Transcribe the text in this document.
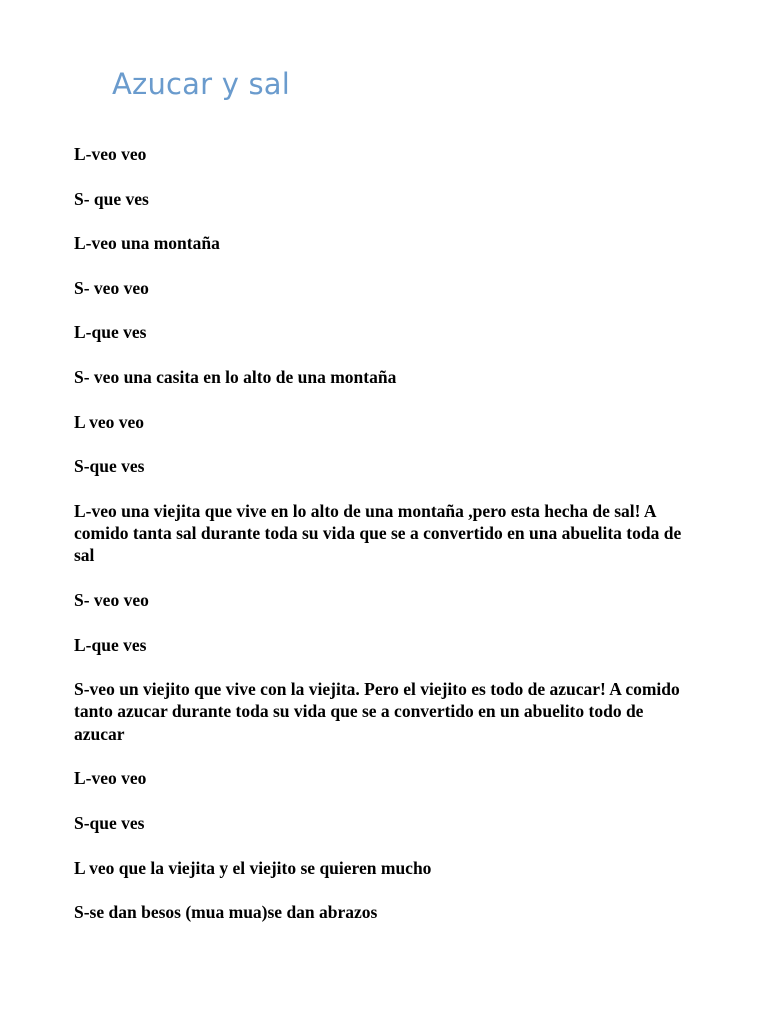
Azucar y sal

L-veo veo

S- que ves

L-veo una montaña

S- veo veo

L-que ves

S- veo una casita en lo alto de una montaña

L veo veo

S-que ves

L-veo una viejita que vive en lo alto de una montaña ,pero esta hecha de sal! A comido tanta sal durante toda su vida que se a convertido en una abuelita toda de sal

S- veo veo

L-que ves

S-veo un viejito que vive con la viejita. Pero el viejito es todo de azucar! A comido tanto azucar durante toda su vida que se a convertido en un abuelito todo de azucar

L-veo veo

S-que ves

L veo que la viejita y el viejito se quieren mucho

S-se dan besos (mua mua)se dan abrazos
